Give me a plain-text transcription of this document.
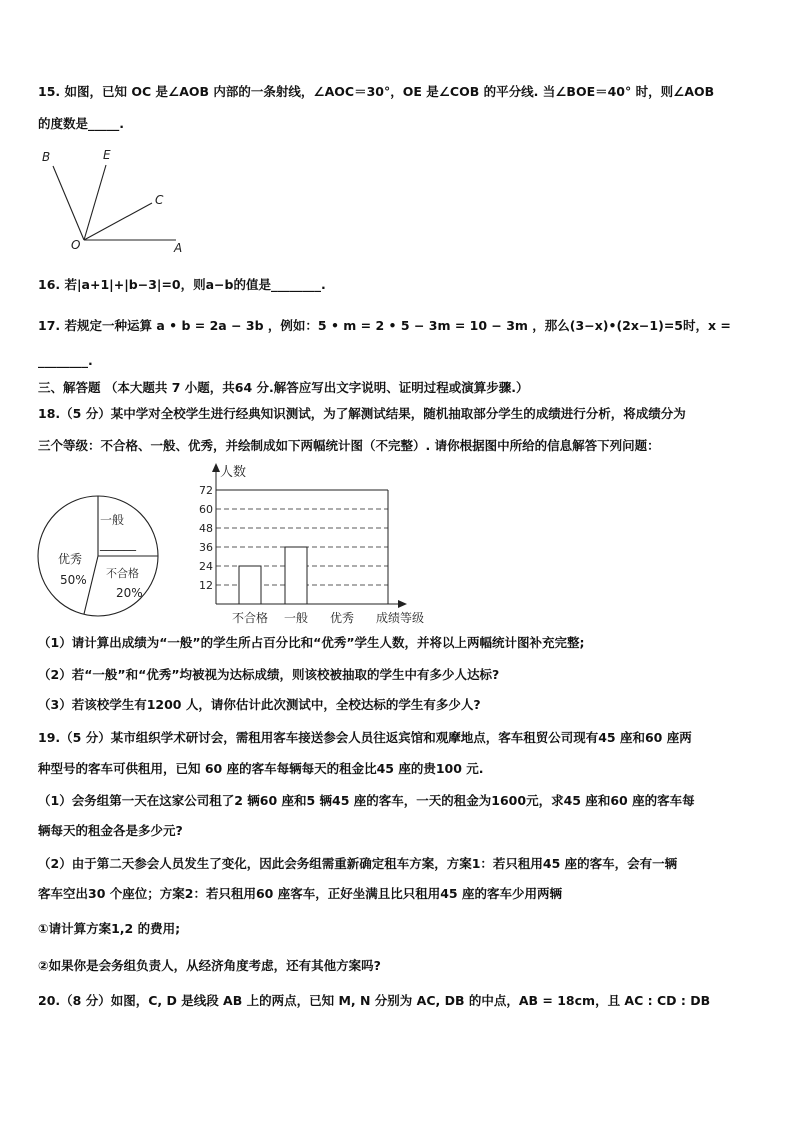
15. 如图，已知 OC 是∠AOB 内部的一条射线，∠AOC＝30°，OE 是∠COB 的平分线. 当∠BOE＝40° 时，则∠AOB
的度数是_____.
B	E
C
O	A
16. 若|a+1|+|b−3|=0，则a−b的值是________.
17. 若规定一种运算 a • b = 2a − 3b ，例如：5 • m = 2 • 5 − 3m = 10 − 3m ，那么(3−x)•(2x−1)=5时，x =
________.
三、解答题 （本大题共 7 小题，共64 分.解答应写出文字说明、证明过程或演算步骤.）
18.（5 分）某中学对全校学生进行经典知识测试，为了解测试结果，随机抽取部分学生的成绩进行分析，将成绩分为
三个等级：不合格、一般、优秀，并绘制成如下两幅统计图（不完整）. 请你根据图中所给的信息解答下列问题：
一般
______
优秀
50% 不合格
20%
12
24
36
48
60
72
不合格 一般 优秀
人数
成绩等级
（1）请计算出成绩为“一般”的学生所占百分比和“优秀”学生人数，并将以上两幅统计图补充完整;
（2）若“一般”和“优秀”均被视为达标成绩，则该校被抽取的学生中有多少人达标?
（3）若该校学生有1200 人，请你估计此次测试中，全校达标的学生有多少人?
19.（5 分）某市组织学术研讨会，需租用客车接送参会人员往返宾馆和观摩地点，客车租贸公司现有45 座和60 座两
种型号的客车可供租用，已知 60 座的客车每辆每天的租金比45 座的贵100 元.
（1）会务组第一天在这家公司租了2 辆60 座和5 辆45 座的客车，一天的租金为1600元，求45 座和60 座的客车每
辆每天的租金各是多少元?
（2）由于第二天参会人员发生了变化，因此会务组需重新确定租车方案，方案1：若只租用45 座的客车，会有一辆
客车空出30 个座位；方案2：若只租用60 座客车，正好坐满且比只租用45 座的客车少用两辆
①请计算方案1,2 的费用;
②如果你是会务组负责人，从经济角度考虑，还有其他方案吗?
20.（8 分）如图，C, D 是线段 AB 上的两点，已知 M, N 分别为 AC, DB 的中点，AB = 18cm，且 AC : CD : DB
